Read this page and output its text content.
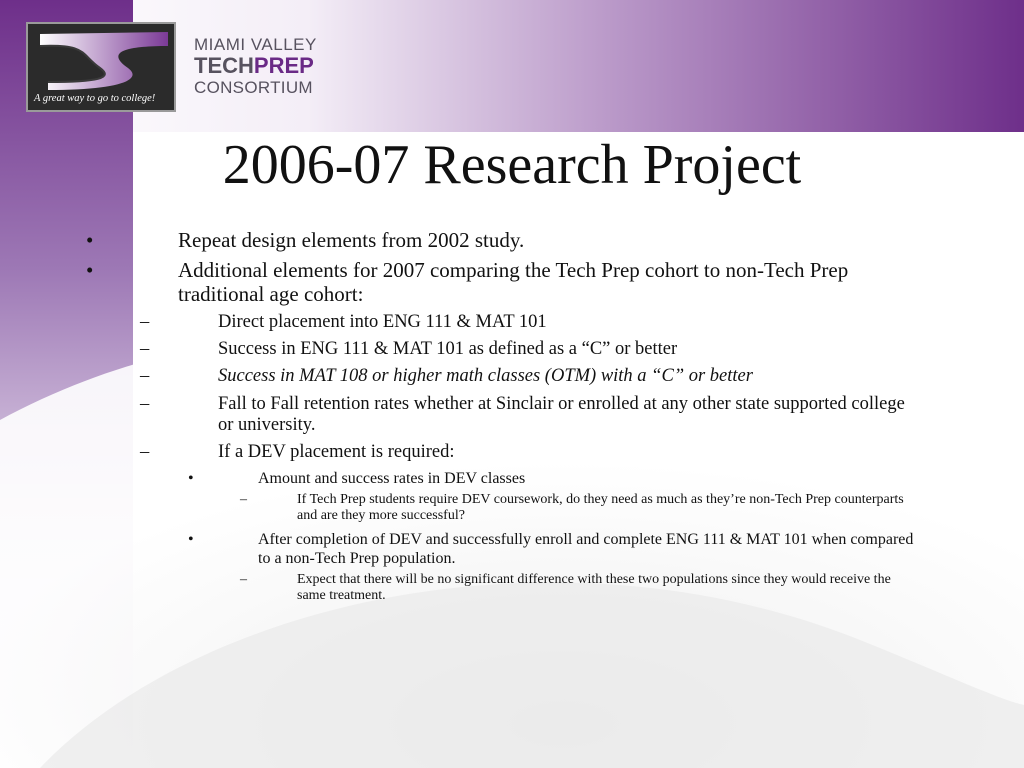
A great way to go to college!
MIAMI VALLEY
TECHPREP
CONSORTIUM
2006-07 Research Project
•	Repeat design elements from 2002 study.
•	Additional elements for 2007 comparing the Tech Prep cohort to non-Tech Prep traditional age cohort:
–	Direct placement into ENG 111 & MAT 101
–	Success in ENG 111 & MAT 101 as defined as a “C” or better
–	Success in MAT 108 or higher math classes (OTM) with a “C” or better
–	Fall to Fall retention rates whether at Sinclair or enrolled at any other state supported college or university.
–	If a DEV placement is required:
•	Amount and success rates in DEV classes
–	If Tech Prep students require DEV coursework, do they need as much as they’re non-Tech Prep counterparts and are they more successful?
•	After completion of DEV and successfully enroll and complete ENG 111 & MAT 101 when compared to a non-Tech Prep population.
–	Expect that there will be no significant difference with these two populations since they would receive the same treatment.
